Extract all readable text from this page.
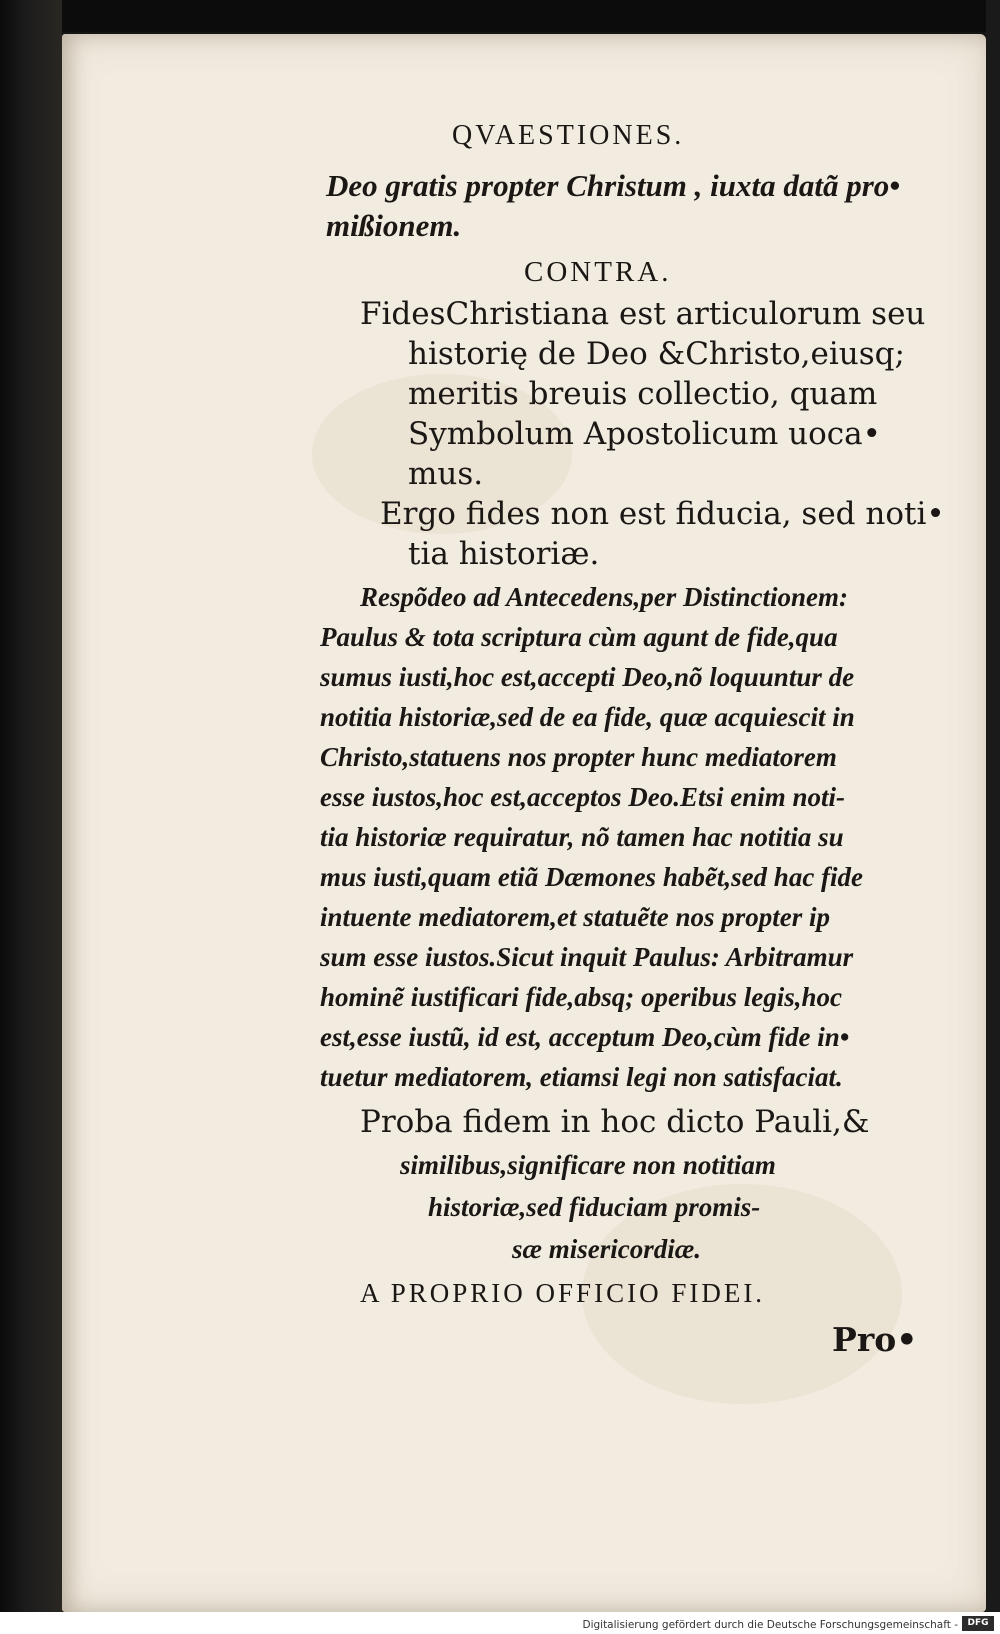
QVAESTIONES.
Deo gratis propter Christum , iuxta datã pro•
mißionem.
CONTRA.
FidesChristiana est articulorum seu
historię de Deo &Christo,eiusq;
meritis breuis collectio, quam
Symbolum Apostolicum uoca•
mus.
Ergo fides non est fiducia, sed noti•
tia historiæ.
Respõdeo ad Antecedens,per Distinctionem:
Paulus & tota scriptura cùm agunt de fide,qua
sumus iusti,hoc est,accepti Deo,nõ loquuntur de
notitia historiæ,sed de ea fide, quæ acquiescit in
Christo,statuens nos propter hunc mediatorem
esse iustos,hoc est,acceptos Deo.Etsi enim noti-
tia historiæ requiratur, nõ tamen hac notitia su
mus iusti,quam etiã Dæmones habẽt,sed hac fide
intuente mediatorem,et statuẽte nos propter ip
sum esse iustos.Sicut inquit Paulus: Arbitramur
hominẽ iustificari fide,absq; operibus legis,hoc
est,esse iustũ, id est, acceptum Deo,cùm fide in•
tuetur mediatorem, etiamsi legi non satisfaciat.
Proba fidem in hoc dicto Pauli,&
similibus,significare non notitiam
historiæ,sed fiduciam promis-
sæ misericordiæ.
A PROPRIO OFFICIO FIDEI.
Pro•
Digitalisierung gefördert durch die Deutsche Forschungsgemeinschaft -	DFG
